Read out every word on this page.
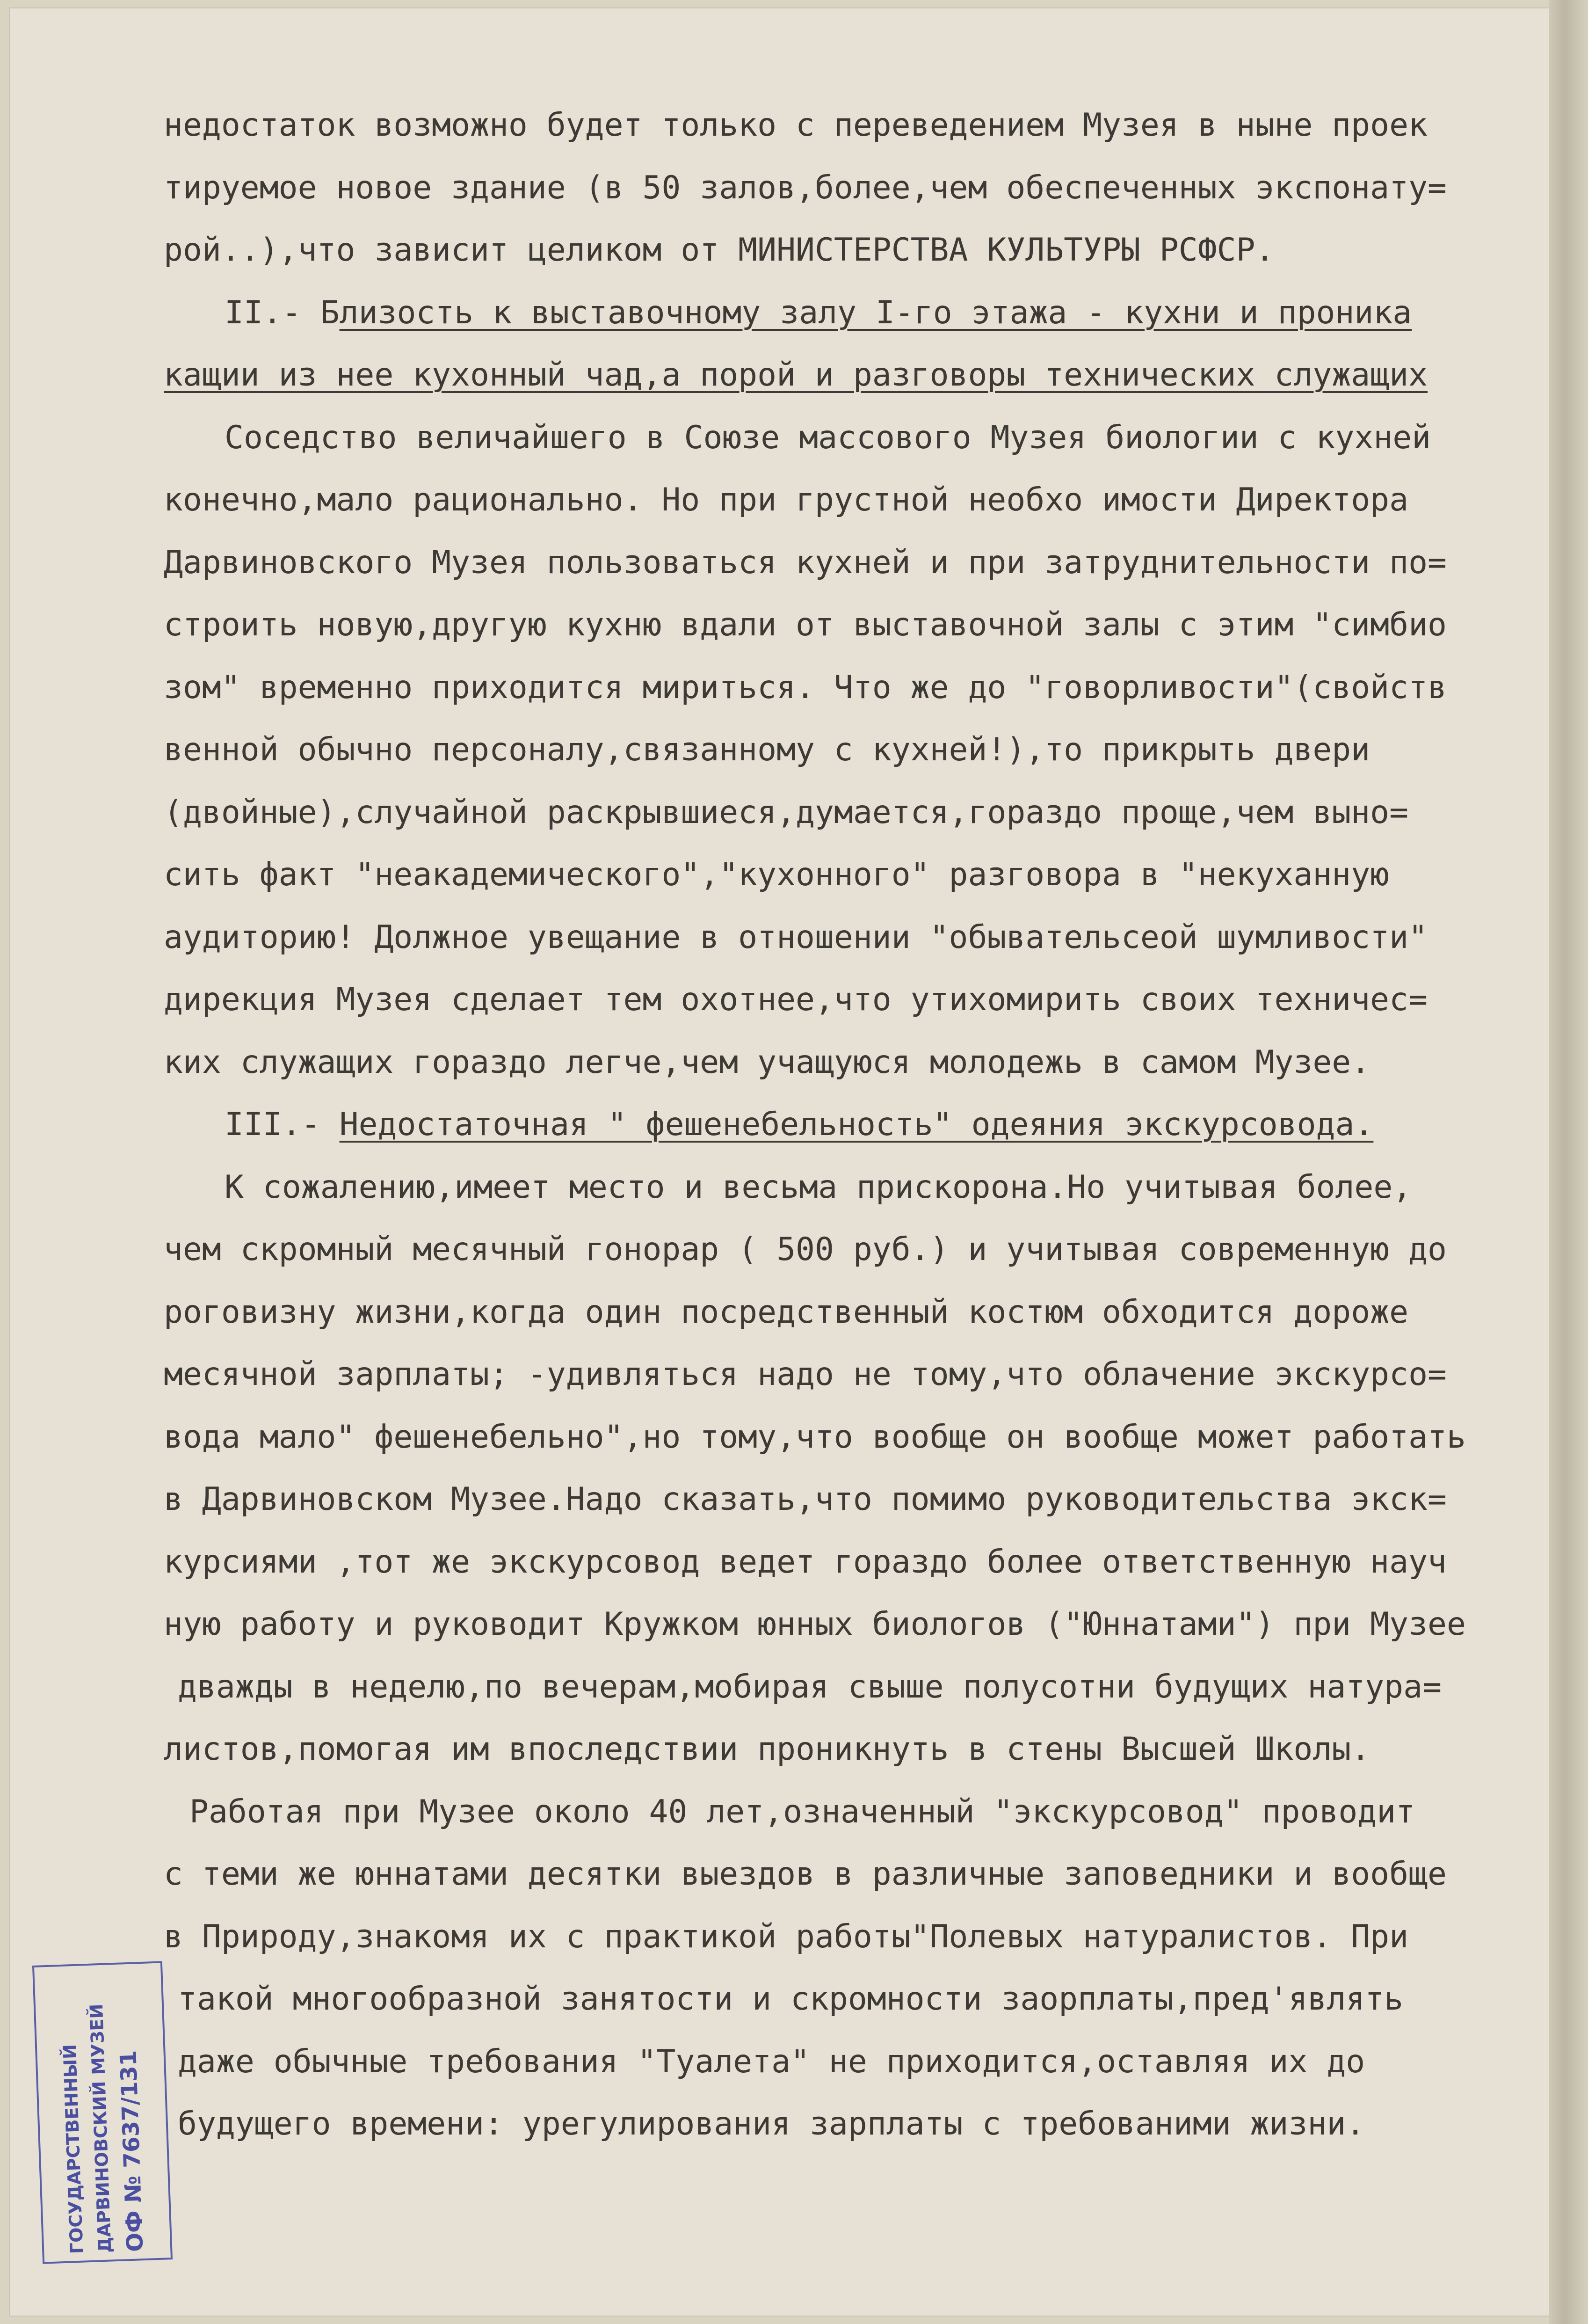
недостаток возможно будет только с переведением Музея в ныне проек
тируемое новое здание (в 50 залов,более,чем обеспеченных экспонату=
рой..),что зависит целиком от МИНИСТЕРСТВА КУЛЬТУРЫ РСФСР.
II.- Близость к выставочному залу I-го этажа - кухни и проника
кащии из нее кухонный чад,а порой и разговоры технических служащих
Соседство величайшего в Союзе массового Музея биологии с кухней
конечно,мало рационально. Но при грустной необхо имости Директора
Дарвиновского Музея пользоваться кухней и при затруднительности по=
строить новую,другую кухню вдали от выставочной залы с этим "симбио
зом" временно приходится мириться. Что же до "говорливости"(свойств
венной обычно персоналу,связанному с кухней!),то прикрыть двери
(двойные),случайной раскрывшиеся,думается,гораздо проще,чем выно=
сить факт "неакадемического","кухонного" разговора в "некуханную
аудиторию! Должное увещание в отношении "обывательсеой шумливости"
дирекция Музея сделает тем охотнее,что утихомирить своих техничес=
ких служащих гораздо легче,чем учащуюся молодежь в самом Музее.
III.- Недостаточная " фешенебельность" одеяния экскурсовода.
К сожалению,имеет место и весьма прискорона.Но учитывая более,
чем скромный месячный гонорар ( 500 руб.) и учитывая современную до
роговизну жизни,когда один посредственный костюм обходится дороже
месячной зарплаты; -удивляться надо не тому,что облачение экскурсо=
вода мало" фешенебельно",но тому,что вообще он вообще может работать
в Дарвиновском Музее.Надо сказать,что помимо руководительства экск=
курсиями ,тот же экскурсовод ведет гораздо более ответственную науч
ную работу и руководит Кружком юнных биологов ("Юннатами") при Музее
дважды в неделю,по вечерам,мобирая свыше полусотни будущих натура=
листов,помогая им впоследствии проникнуть в стены Высшей Школы.
Работая при Музее около 40 лет,означенный "экскурсовод" проводит
с теми же юннатами десятки выездов в различные заповедники и вообще
в Природу,знакомя их с практикой работы"Полевых натуралистов. При
такой многообразной занятости и скромности заорплаты,пред'являть
даже обычные требования "Туалета" не приходится,оставляя их до
будущего времени: урегулирования зарплаты с требованими жизни.
ГОСУДАРСТВЕННЫЙ
ДАРВИНОВСКИЙ МУЗЕЙ ОФ № 7637/131
